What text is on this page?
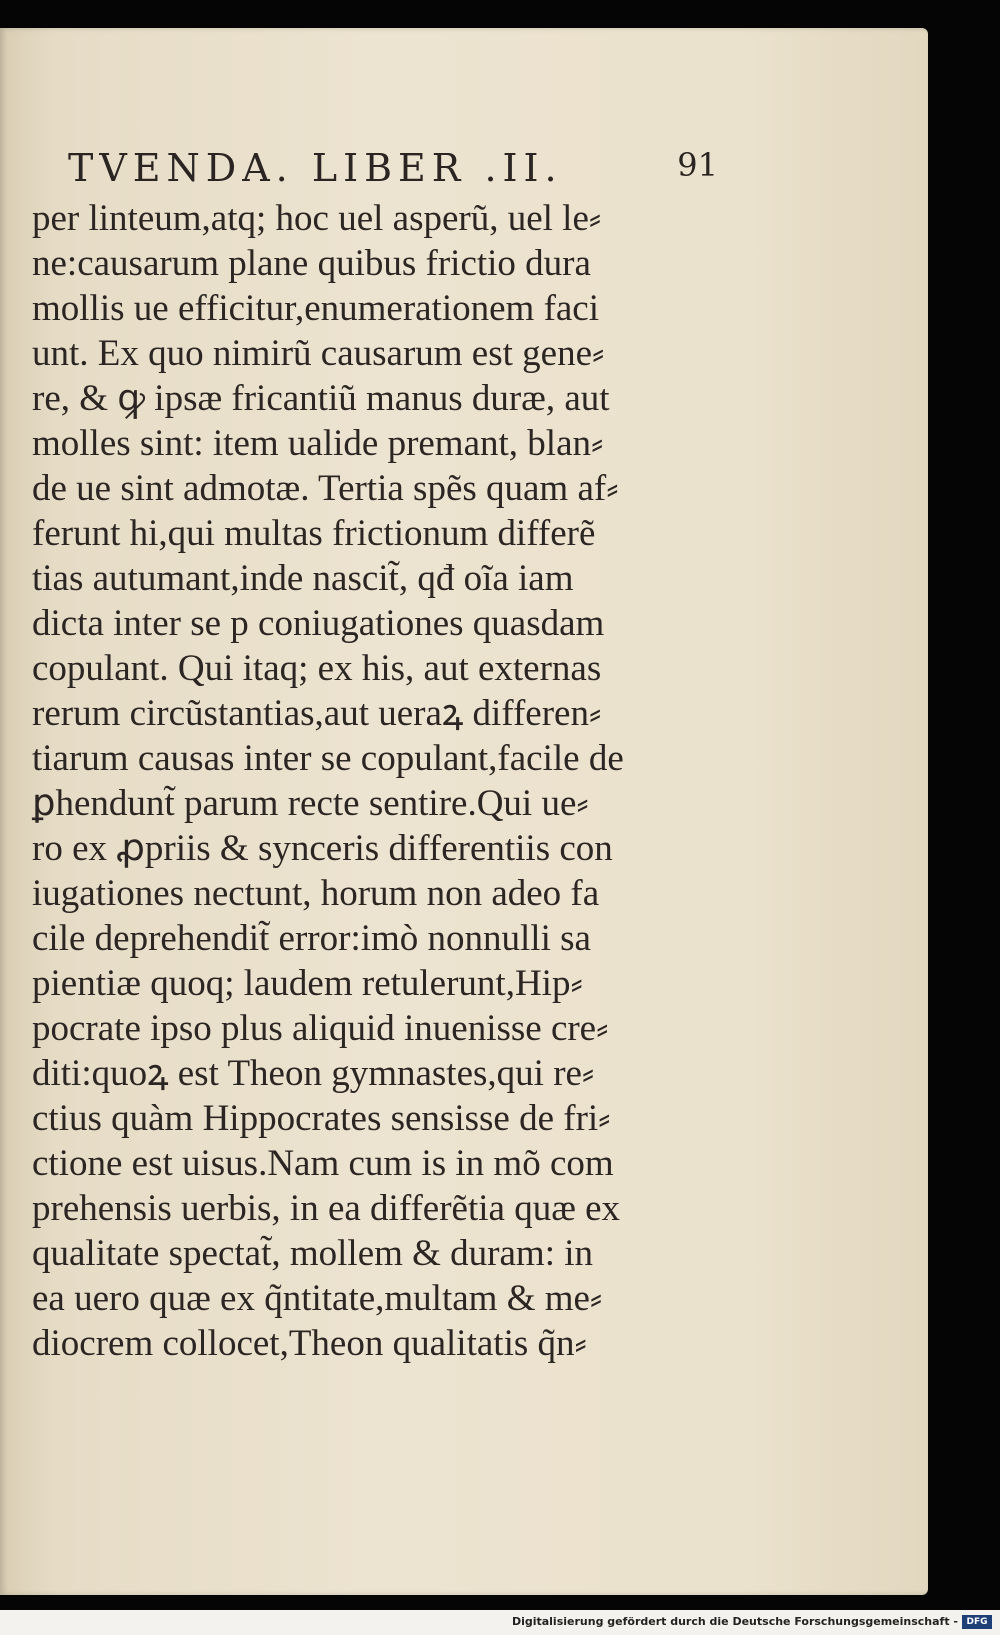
TVENDA. LIBER .II.	91
per linteum,atq; hoc uel asperũ, uel le⸗
ne:causarum plane quibus frictio dura
mollis ue efficitur,enumerationem faci
unt. Ex quo nimirũ causarum est gene⸗
re, & ꝙ ipsæ fricantiũ manus duræ, aut
molles sint: item ualide premant, blan⸗
de ue sint admotæ. Tertia spẽs quam af⸗
ferunt hi,qui multas frictionum differẽ
tias autumant,inde nascit̃, qđ oĩa iam
dicta inter se p coniugationes quasdam
copulant. Qui itaq; ex his, aut externas
rerum circũstantias,aut ueraꝝ differen⸗
tiarum causas inter se copulant,facile de
ꝑhendunt̃ parum recte sentire.Qui ue⸗
ro ex ꝓpriis & synceris differentiis con
iugationes nectunt, horum non adeo fa
cile deprehendit̃ error:imò nonnulli sa
pientiæ quoq; laudem retulerunt,Hip⸗
pocrate ipso plus aliquid inuenisse cre⸗
diti:quoꝝ est Theon gymnastes,qui re⸗
ctius quàm Hippocrates sensisse de fri⸗
ctione est uisus.Nam cum is in mõ com
prehensis uerbis, in ea differẽtia quæ ex
qualitate spectat̃, mollem & duram: in
ea uero quæ ex q̃ntitate,multam & me⸗
diocrem collocet,Theon qualitatis q̃n⸗
Digitalisierung gefördert durch die Deutsche Forschungsgemeinschaft - DFG
